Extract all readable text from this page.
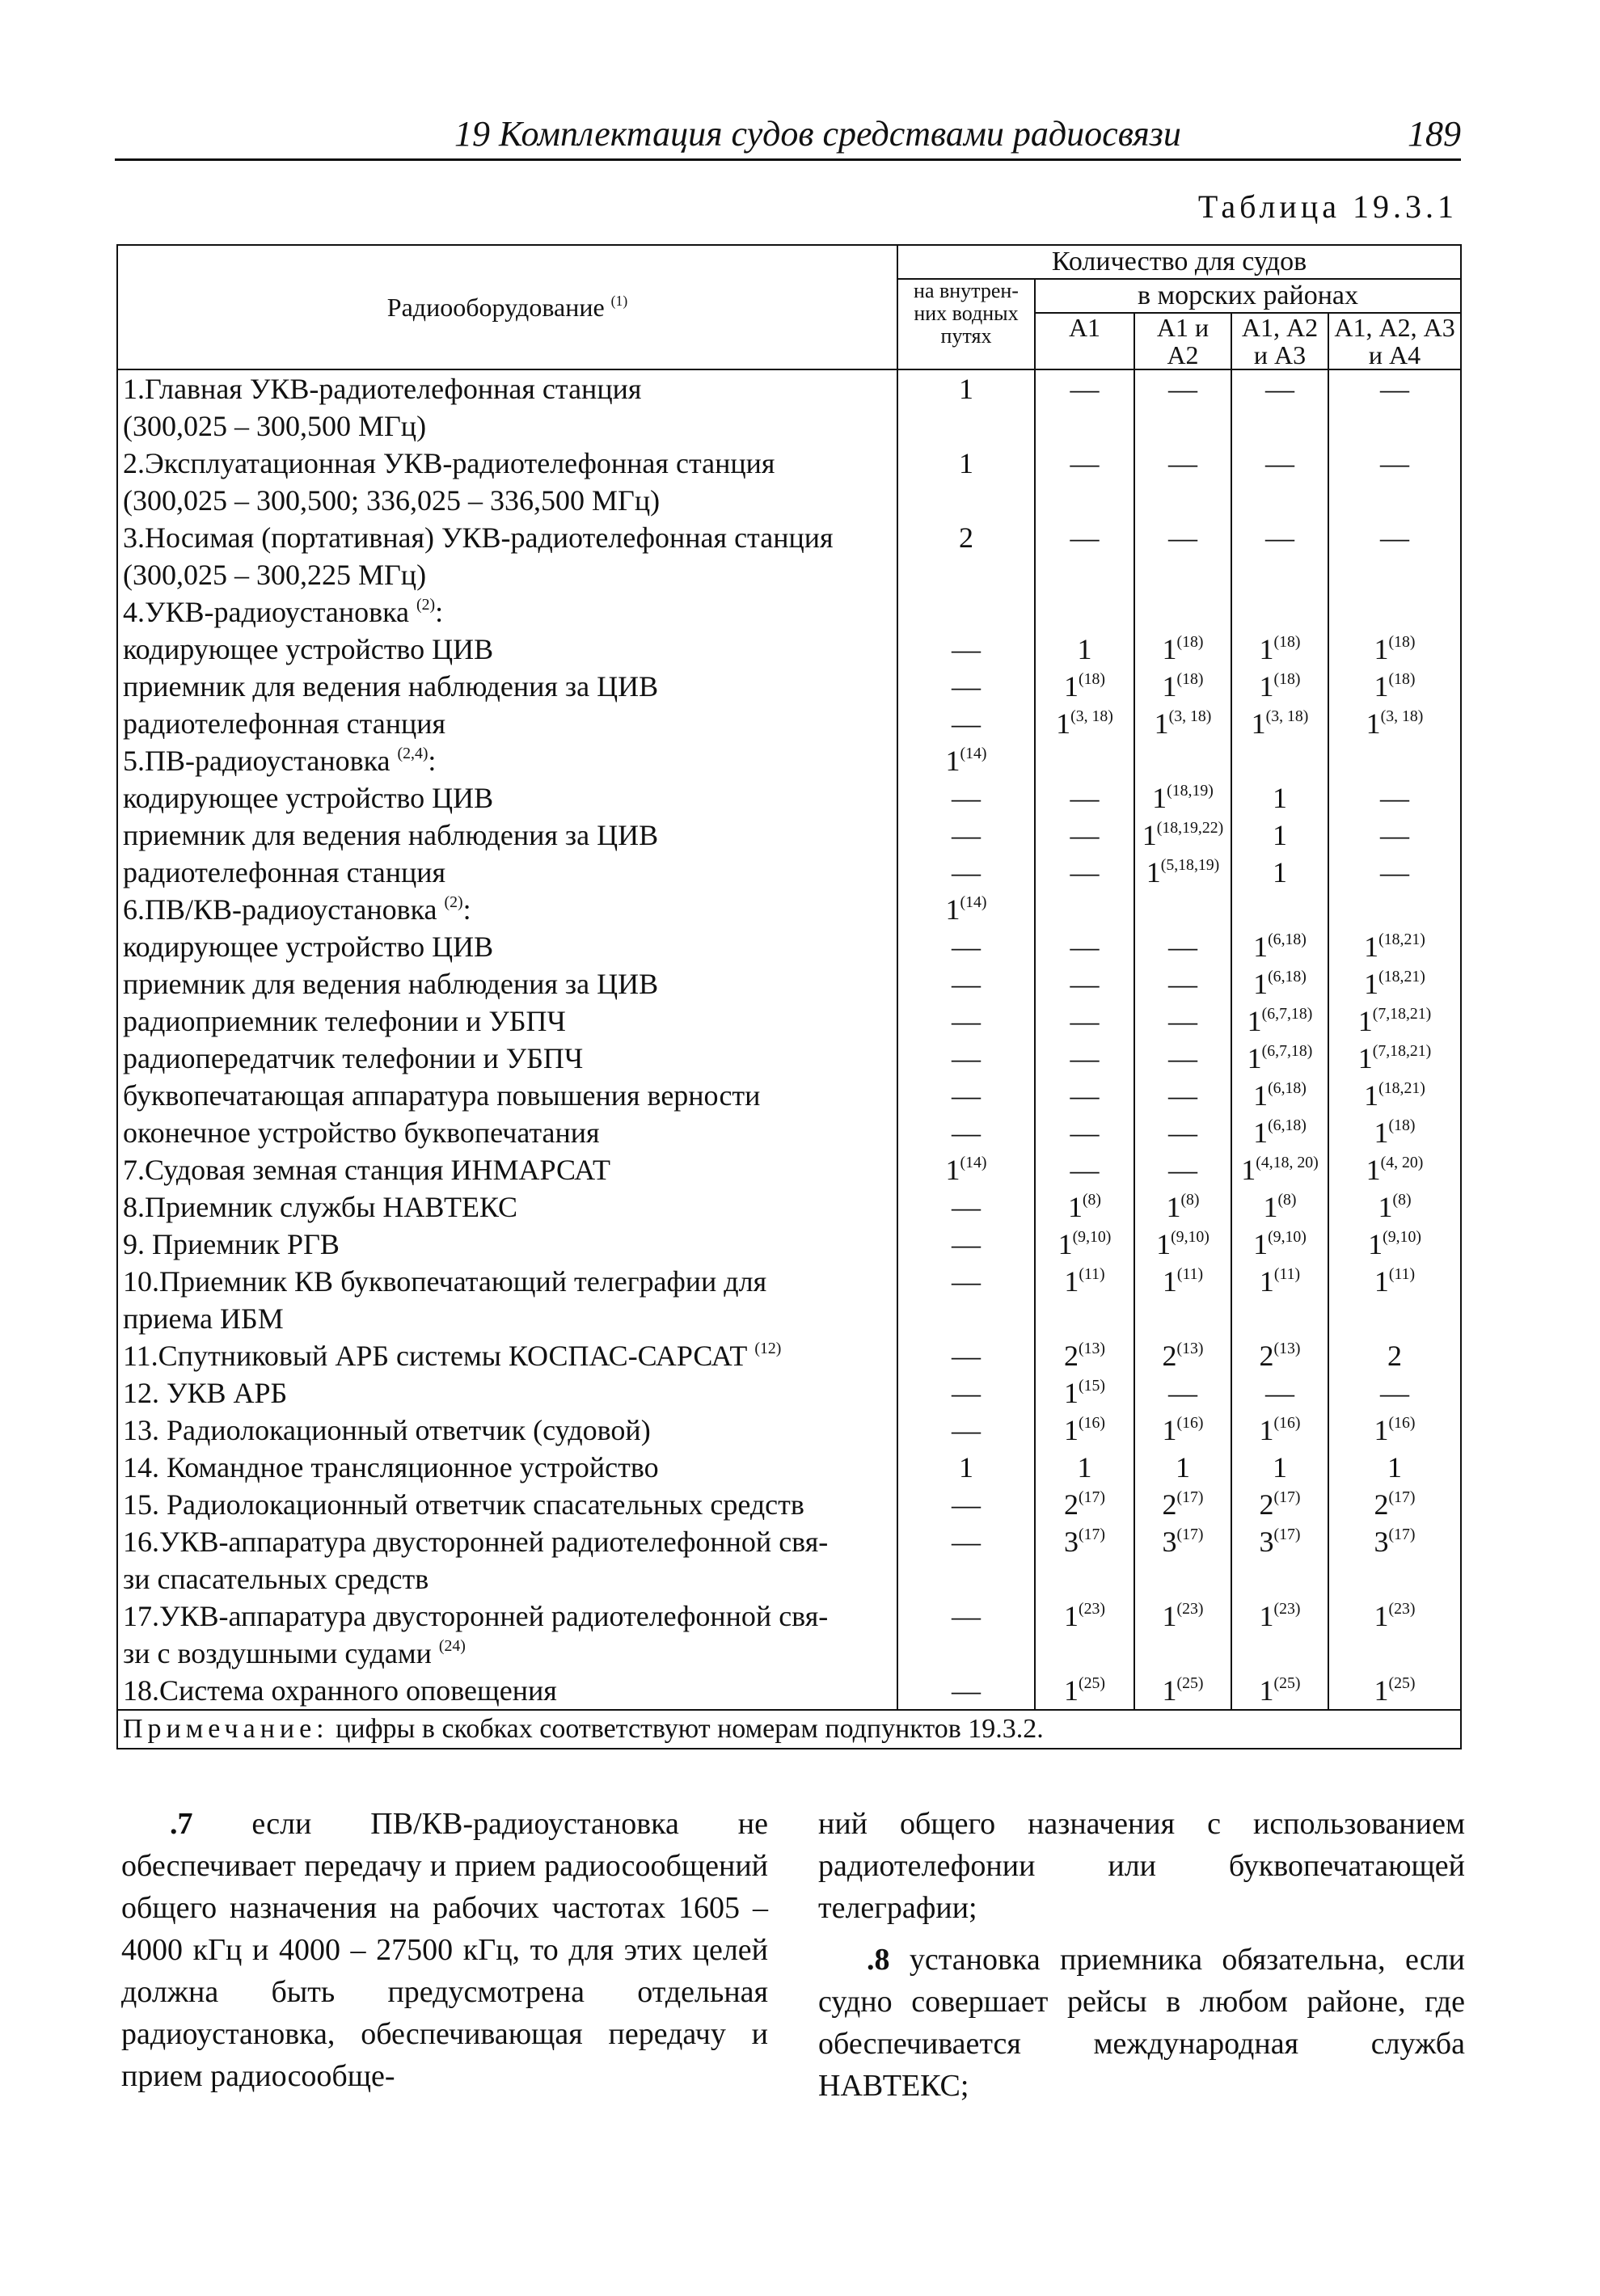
19 Комплектация судов средствами радиосвязи	189
Таблица 19.3.1
Радиооборудование $^{(1)}$	Количество для судов				
	на внутрен-них водных путях	в морских районах			
		А1	А1 и А2	А1, А2 и А3	А1, А2, А3 и А4
1.Главная УКВ-радиотелефонная станция	1	—	—	—	—
(300,025 – 300,500 МГц)					
2.Эксплуатационная УКВ-радиотелефонная станция	1	—	—	—	—
(300,025 – 300,500; 336,025 – 336,500 МГц)					
3.Носимая (портативная) УКВ-радиотелефонная станция	2	—	—	—	—
(300,025 – 300,225 МГц)					
4.УКВ-радиоустановка $^{(2)}$:					
кодирующее устройство ЦИВ	—	1	1$^{(18)}$	1$^{(18)}$	1$^{(18)}$
приемник для ведения наблюдения за ЦИВ	—	1$^{(18)}$	1$^{(18)}$	1$^{(18)}$	1$^{(18)}$
радиотелефонная станция	—	1$^{(3, 18)}$	1$^{(3, 18)}$	1$^{(3, 18)}$	1$^{(3, 18)}$
5.ПВ-радиоустановка $^{(2,4)}$:	1$^{(14)}$				
кодирующее устройство ЦИВ	—	—	1$^{(18,19)}$	1	—
приемник для ведения наблюдения за ЦИВ	—	—	1$^{(18,19,22)}$	1	—
радиотелефонная станция	—	—	1$^{(5,18,19)}$	1	—
6.ПВ/КВ-радиоустановка $^{(2)}$:	1$^{(14)}$				
кодирующее устройство ЦИВ	—	—	—	1$^{(6,18)}$	1$^{(18,21)}$
приемник для ведения наблюдения за ЦИВ	—	—	—	1$^{(6,18)}$	1$^{(18,21)}$
радиоприемник телефонии и УБПЧ	—	—	—	1$^{(6,7,18)}$	1$^{(7,18,21)}$
радиопередатчик телефонии и УБПЧ	—	—	—	1$^{(6,7,18)}$	1$^{(7,18,21)}$
буквопечатающая аппаратура повышения верности	—	—	—	1$^{(6,18)}$	1$^{(18,21)}$
оконечное устройство буквопечатания	—	—	—	1$^{(6,18)}$	1$^{(18)}$
7.Судовая земная станция ИНМАРСАТ	1$^{(14)}$	—	—	1$^{(4,18, 20)}$	1$^{(4, 20)}$
8.Приемник службы НАВТЕКС	—	1$^{(8)}$	1$^{(8)}$	1$^{(8)}$	1$^{(8)}$
9. Приемник РГВ	—	1$^{(9,10)}$	1$^{(9,10)}$	1$^{(9,10)}$	1$^{(9,10)}$
10.Приемник КВ буквопечатающий телеграфии для	—	1$^{(11)}$	1$^{(11)}$	1$^{(11)}$	1$^{(11)}$
приема ИБМ					
11.Спутниковый АРБ системы КОСПАС-САРСАТ $^{(12)}$	—	2$^{(13)}$	2$^{(13)}$	2$^{(13)}$	2
12. УКВ АРБ	—	1$^{(15)}$	—	—	—
13. Радиолокационный ответчик (судовой)	—	1$^{(16)}$	1$^{(16)}$	1$^{(16)}$	1$^{(16)}$
14. Командное трансляционное устройство	1	1	1	1	1
15. Радиолокационный ответчик спасательных средств	—	2$^{(17)}$	2$^{(17)}$	2$^{(17)}$	2$^{(17)}$
16.УКВ-аппаратура двусторонней радиотелефонной свя-	—	3$^{(17)}$	3$^{(17)}$	3$^{(17)}$	3$^{(17)}$
зи спасательных средств					
17.УКВ-аппаратура двусторонней радиотелефонной свя-	—	1$^{(23)}$	1$^{(23)}$	1$^{(23)}$	1$^{(23)}$
зи с воздушными судами $^{(24)}$					
18.Система охранного оповещения	—	1$^{(25)}$	1$^{(25)}$	1$^{(25)}$	1$^{(25)}$
Примечание: цифры в скобках соответствуют номерам подпунктов 19.3.2.					

.7 если ПВ/КВ-радиоустановка не обеспечивает передачу и прием радиосообщений общего назначения на рабочих частотах 1605 – 4000 кГц и 4000 – 27500 кГц, то для этих целей должна быть предусмотрена отдельная радиоустановка, обеспечивающая передачу и прием радиосообще-

ний общего назначения с использованием радиотелефонии или буквопечатающей телеграфии;

.8 установка приемника обязательна, если судно совершает рейсы в любом районе, где обеспечивается международная служба НАВТЕКС;
